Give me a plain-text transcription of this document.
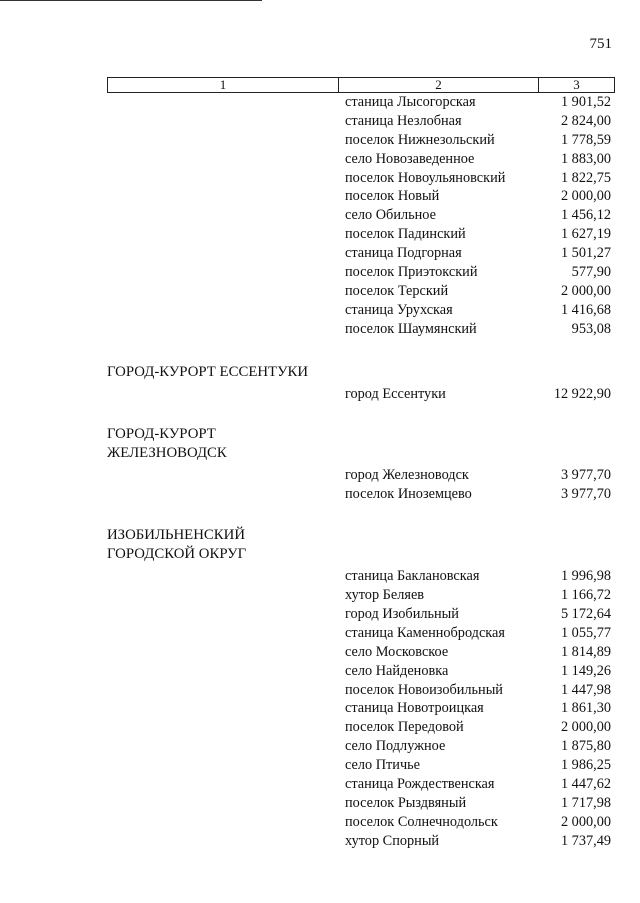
751
1	2	3
станица Лысогорская	1 901,52
станица Незлобная	2 824,00
поселок Нижнезольский	1 778,59
село Новозаведенное	1 883,00
поселок Новоульяновский	1 822,75
поселок Новый	2 000,00
село Обильное	1 456,12
поселок Падинский	1 627,19
станица Подгорная	1 501,27
поселок Приэтокский	577,90
поселок Терский	2 000,00
станица Урухская	1 416,68
поселок Шаумянский	953,08
ГОРОД-КУРОРТ ЕССЕНТУКИ
город Ессентуки	12 922,90
ГОРОД-КУРОРТ
ЖЕЛЕЗНОВОДСК
город Железноводск	3 977,70
поселок Иноземцево	3 977,70
ИЗОБИЛЬНЕНСКИЙ
ГОРОДСКОЙ ОКРУГ
станица Баклановская	1 996,98
хутор Беляев	1 166,72
город Изобильный	5 172,64
станица Каменнобродская	1 055,77
село Московское	1 814,89
село Найденовка	1 149,26
поселок Новоизобильный	1 447,98
станица Новотроицкая	1 861,30
поселок Передовой	2 000,00
село Подлужное	1 875,80
село Птичье	1 986,25
станица Рождественская	1 447,62
поселок Рыздвяный	1 717,98
поселок Солнечнодольск	2 000,00
хутор Спорный	1 737,49
